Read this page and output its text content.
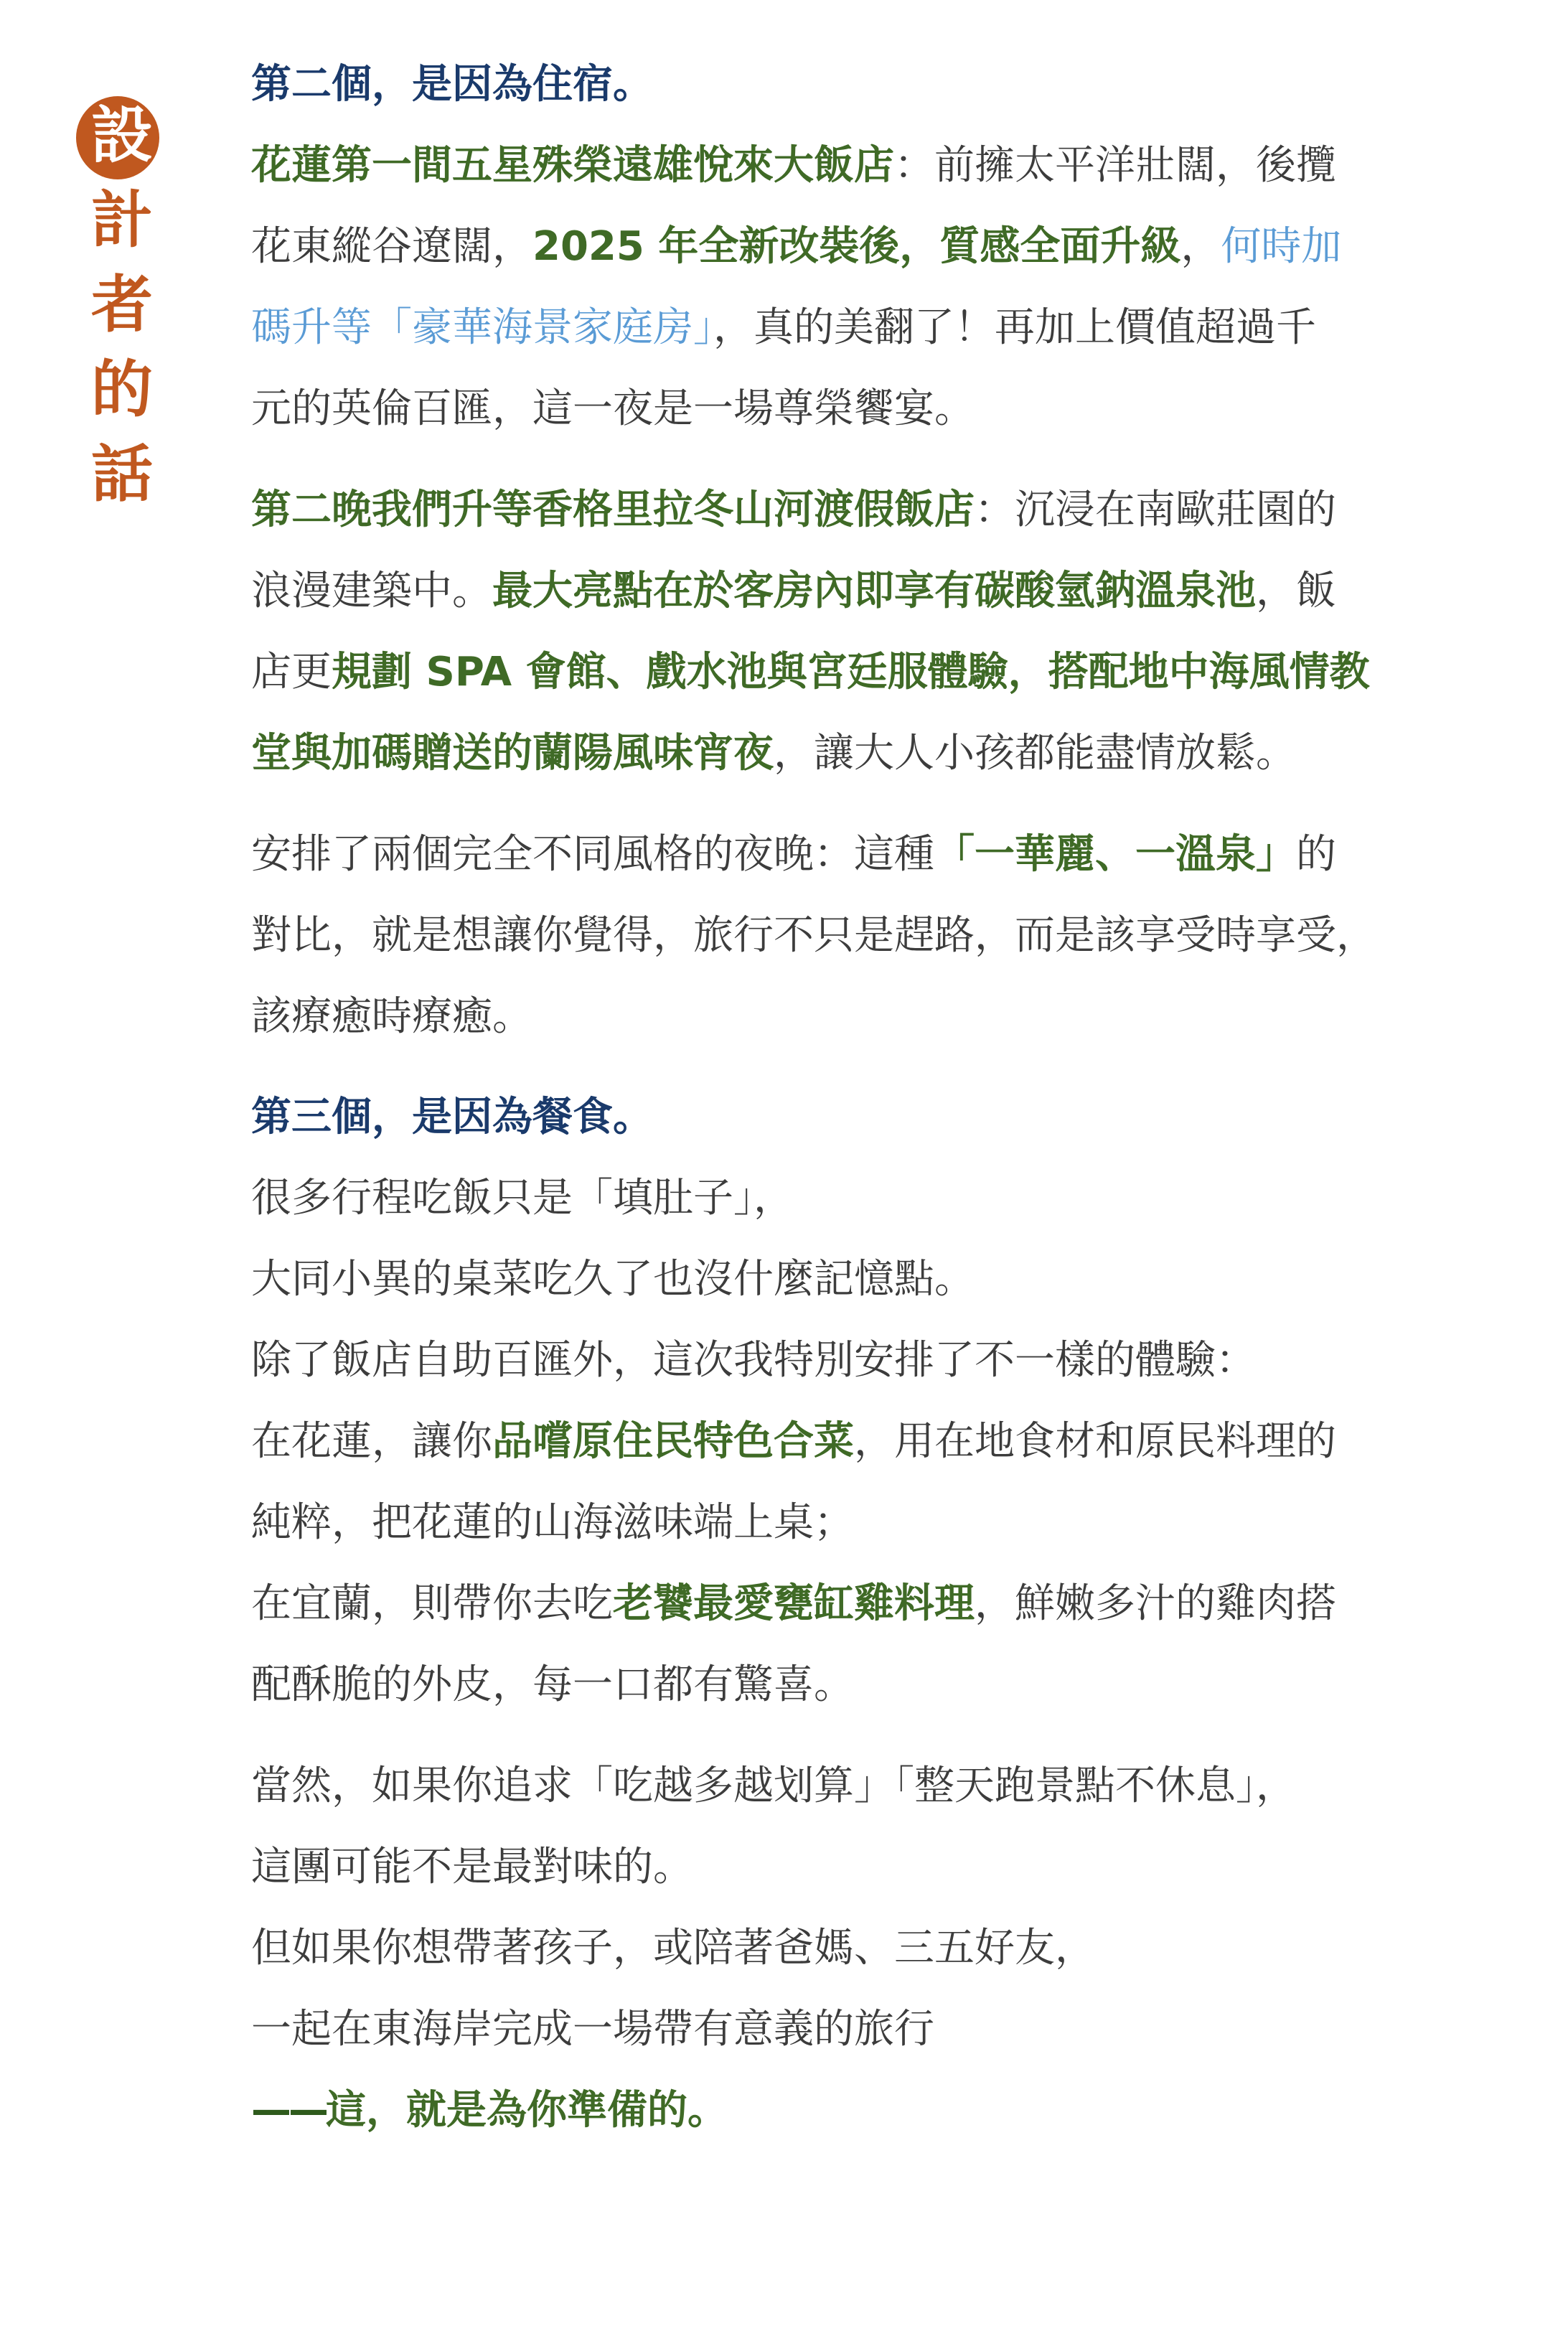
設
計
者
的
話
第二個，是因為住宿。
花蓮第一間五星殊榮遠雄悅來大飯店：前擁太平洋壯闊，後攬
花東縱谷遼闊，2025 年全新改裝後，質感全面升級，何時加
碼升等「豪華海景家庭房」，真的美翻了！再加上價值超過千
元的英倫百匯，這一夜是一場尊榮饗宴。
第二晚我們升等香格里拉冬山河渡假飯店：沉浸在南歐莊園的
浪漫建築中。最大亮點在於客房內即享有碳酸氫鈉溫泉池，飯
店更規劃 SPA 會館、戲水池與宮廷服體驗，搭配地中海風情教
堂與加碼贈送的蘭陽風味宵夜，讓大人小孩都能盡情放鬆。
安排了兩個完全不同風格的夜晚：這種「一華麗、一溫泉」的
對比，就是想讓你覺得，旅行不只是趕路，而是該享受時享受，
該療癒時療癒。
第三個，是因為餐食。
很多行程吃飯只是「填肚子」，
大同小異的桌菜吃久了也沒什麼記憶點。
除了飯店自助百匯外，這次我特別安排了不一樣的體驗：
在花蓮，讓你品嚐原住民特色合菜，用在地食材和原民料理的
純粹，把花蓮的山海滋味端上桌；
在宜蘭，則帶你去吃老饕最愛甕缸雞料理，鮮嫩多汁的雞肉搭
配酥脆的外皮，每一口都有驚喜。
當然，如果你追求「吃越多越划算」「整天跑景點不休息」，
這團可能不是最對味的。
但如果你想帶著孩子，或陪著爸媽、三五好友，
一起在東海岸完成一場帶有意義的旅行
——這，就是為你準備的。
